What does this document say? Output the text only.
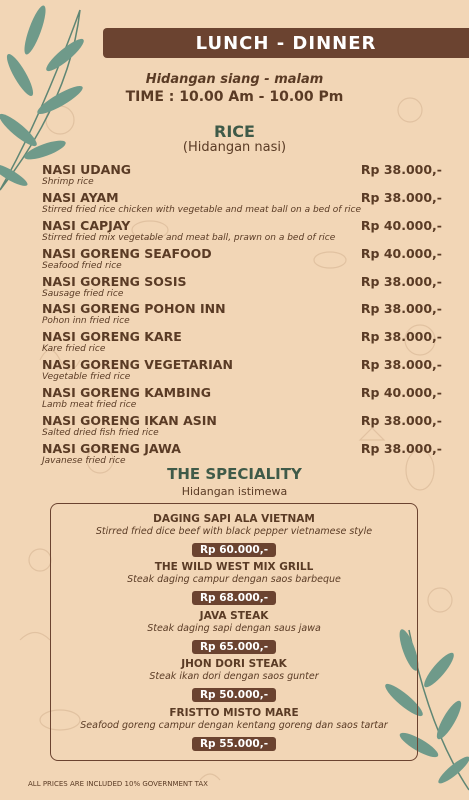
LUNCH - DINNER
Hidangan siang - malam
TIME : 10.00 Am - 10.00 Pm
RICE
(Hidangan nasi)
NASI UDANG
Shrimp rice
Rp 38.000,-
NASI AYAM
Stirred fried rice chicken with vegetable and meat ball on a bed of rice
Rp 38.000,-
NASI CAPJAY
Stirred fried mix vegetable and meat ball, prawn on a bed of rice
Rp 40.000,-
NASI GORENG SEAFOOD
Seafood fried rice
Rp 40.000,-
NASI GORENG SOSIS
Sausage fried rice
Rp 38.000,-
NASI GORENG POHON INN
Pohon inn fried rice
Rp 38.000,-
NASI GORENG KARE
Kare fried rice
Rp 38.000,-
NASI GORENG VEGETARIAN
Vegetable fried rice
Rp 38.000,-
NASI GORENG KAMBING
Lamb meat fried rice
Rp 40.000,-
NASI GORENG IKAN ASIN
Salted dried fish fried rice
Rp 38.000,-
NASI GORENG JAWA
Javanese fried rice
Rp 38.000,-
THE SPECIALITY
Hidangan istimewa
DAGING SAPI ALA VIETNAM
Stirred fried dice beef with black pepper vietnamese style
Rp 60.000,-
THE WILD WEST MIX GRILL
Steak daging campur dengan saos barbeque
Rp 68.000,-
JAVA STEAK
Steak daging sapi dengan saus jawa
Rp 65.000,-
JHON DORI STEAK
Steak ikan dori dengan saos gunter
Rp 50.000,-
FRISTTO MISTO MARE
Seafood goreng campur dengan kentang goreng dan saos tartar
Rp 55.000,-
ALL PRICES ARE INCLUDED 10% GOVERNMENT TAX
